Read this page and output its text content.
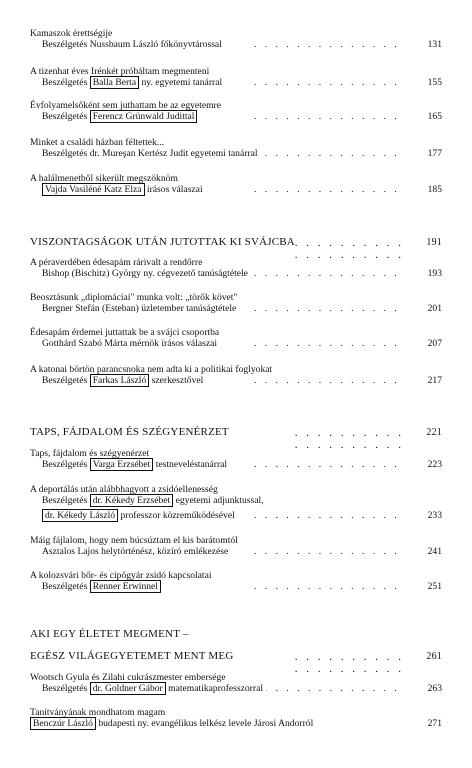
Kamaszok érettségije
Beszélgetés Nussbaum László főkönyvtárossal . . .	131
A tizenhat éves Irénkét próbáltam megmenteni
Beszélgetés Balla Berta ny. egyetemi tanárral . . .	155
Évfolyamelsőként sem juthattam be az egyetemre
Beszélgetés Ferencz Grünwald Judittal . . .	165
Minket a családi házban féltettek...
Beszélgetés dr. Mureşan Kertész Judit egyetemi tanárral . . .	177
A halálmenetből sikerült megszöknöm
Vajda Vasiléné Katz Elza írásos válaszai . . .	185
VISZONTAGSÁGOK UTÁN JUTOTTAK KI SVÁJCBA . . .	191
A péraverdében édesapám rárivalt a rendőrre
Bishop (Bischitz) György ny. cégvezető tanúságtétele . . .	193
Beosztásunk „diplomáciai" munka volt: „törők követ"
Bergner Stefán (Esteban) üzletember tanúságtétele . . .	201
Édesapám érdemei juttattak be a svájci csoportba
Gotthárd Szabó Márta mérnök írásos válaszai . . .	207
A katonai börtön parancsnoka nem adta ki a politikai foglyokat
Beszélgetés Farkas László szerkesztővel . . .	217
TAPS, FÁJDALOM ÉS SZÉGYENÉRZET . . .	221
Taps, fájdalom és szégyenérzet
Beszélgetés Varga Erzsébet testneveléstanárral . . .	223
A deportálás után alábbhagyott a zsidóellenesség
Beszélgetés dr. Kékedy Erzsébet egyetemi adjunktussal,
dr. Kékedy László professzor közreműködésével . . .	233
Máig fájlalom, hogy nem búcsúztam el kis barátomtól
Asztalos Lajos helytörténész, közíró emlékezése . . .	241
A kolozsvári bőr- és cipőgyár zsidó kapcsolatai
Beszélgetés Renner Erwinnel . . .	251
AKI EGY ÉLETET MEGMENT –
EGÉSZ VILÁGEGYETEMET MENT MEG . . .	261
Wootsch Gyula és Zilahi cukrászmester embersége
Beszélgetés dr. Goldner Gábor matematikaprofesszorral . . .	263
Tanítványának mondhatom magam
Benczúr László budapesti ny. evangélikus lelkész levele Járosi Andorról	271
